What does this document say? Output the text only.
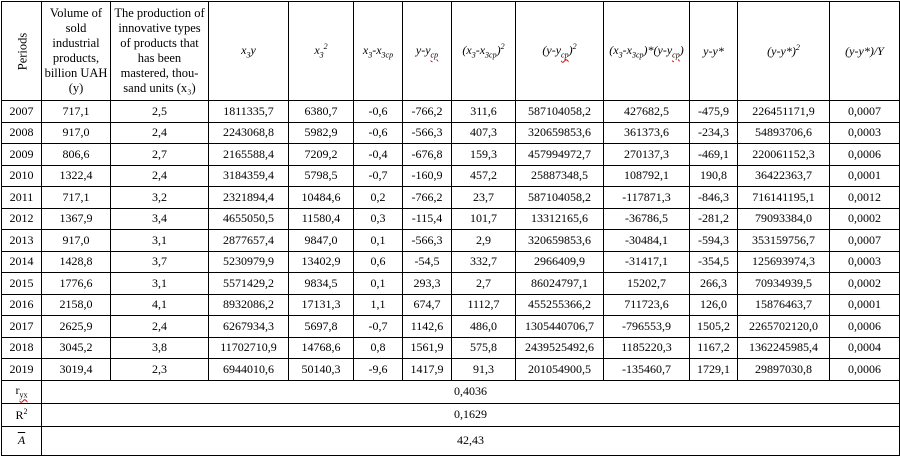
Periods	Volume of sold industrial products, billion UAH (y)	The production of innovative types of products that has been mastered, thou-sand units (x₃)	$x_3y$	$x_3^2$	$x_3-x_{3cp}$	$y-y_{cp}$	$(x_3-x_{3cp})^2$	$(y-y_{cp})^2$	$(x_3-x_{3cp})*(y-y_{cp})$	y-y*	$(y-y*)^2$	(y-y*)/Y
2007	717,1	2,5	1811335,7	6380,7	-0,6	-766,2	311,6	587104058,2	427682,5	-475,9	226451171,9	0,0007
2008	917,0	2,4	2243068,8	5982,9	-0,6	-566,3	407,3	320659853,6	361373,6	-234,3	54893706,6	0,0003
2009	806,6	2,7	2165588,4	7209,2	-0,4	-676,8	159,3	457994972,7	270137,3	-469,1	220061152,3	0,0006
2010	1322,4	2,4	3184359,4	5798,5	-0,7	-160,9	457,2	25887348,5	108792,1	190,8	36422363,7	0,0001
2011	717,1	3,2	2321894,4	10484,6	0,2	-766,2	23,7	587104058,2	-117871,3	-846,3	716141195,1	0,0012
2012	1367,9	3,4	4655050,5	11580,4	0,3	-115,4	101,7	13312165,6	-36786,5	-281,2	79093384,0	0,0002
2013	917,0	3,1	2877657,4	9847,0	0,1	-566,3	2,9	320659853,6	-30484,1	-594,3	353159756,7	0,0007
2014	1428,8	3,7	5230979,9	13402,9	0,6	-54,5	332,7	2966409,9	-31417,1	-354,5	125693974,3	0,0003
2015	1776,6	3,1	5571429,2	9834,5	0,1	293,3	2,7	86024797,1	15202,7	266,3	70934939,5	0,0002
2016	2158,0	4,1	8932086,2	17131,3	1,1	674,7	1112,7	455255366,2	711723,6	126,0	15876463,7	0,0001
2017	2625,9	2,4	6267934,3	5697,8	-0,7	1142,6	486,0	1305440706,7	-796553,9	1505,2	2265702120,0	0,0006
2018	3045,2	3,8	11702710,9	14768,6	0,8	1561,9	575,8	2439525492,6	1185220,3	1167,2	1362245985,4	0,0004
2019	3019,4	2,3	6944010,6	50140,3	-9,6	1417,9	91,3	201054900,5	-135460,7	1729,1	29897030,8	0,0006
$r_{yx}$	0,4036											
$R^2$	0,1629											
$\overline{A}$	42,43											
